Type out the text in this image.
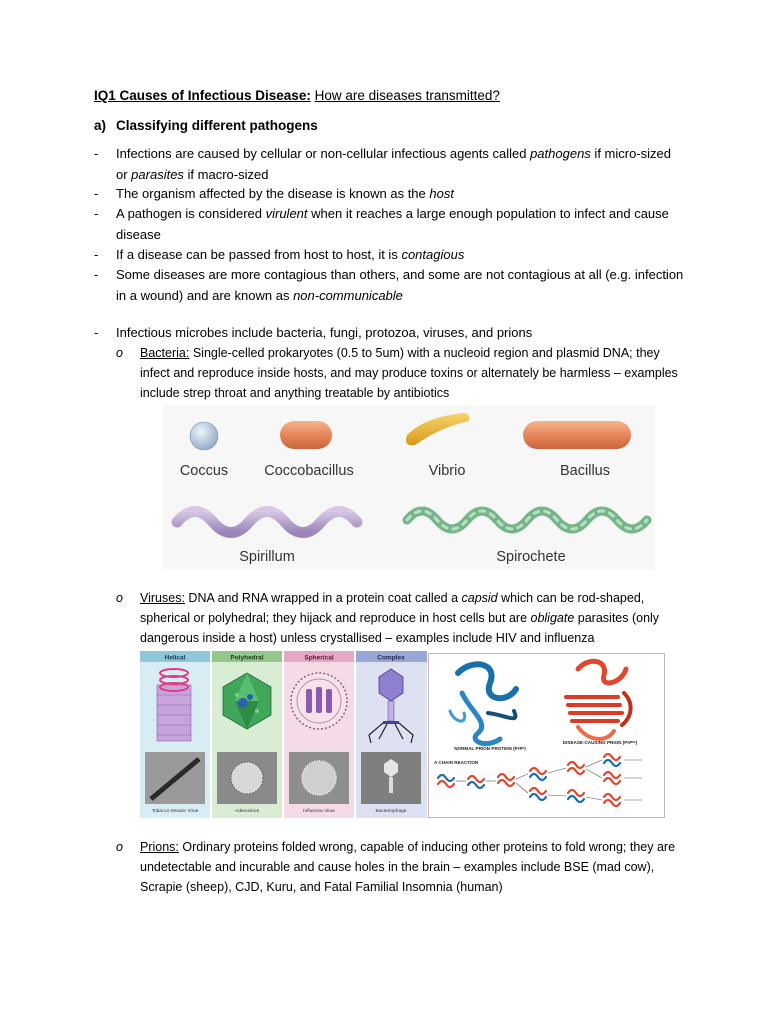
IQ1 Causes of Infectious Disease: How are diseases transmitted?
a) Classifying different pathogens
- Infections are caused by cellular or non-cellular infectious agents called pathogens if micro-sized or parasites if macro-sized
- The organism affected by the disease is known as the host
- A pathogen is considered virulent when it reaches a large enough population to infect and cause disease
- If a disease can be passed from host to host, it is contagious
- Some diseases are more contagious than others, and some are not contagious at all (e.g. infection in a wound) and are known as non-communicable
- Infectious microbes include bacteria, fungi, protozoa, viruses, and prions
o Bacteria: Single-celled prokaryotes (0.5 to 5um) with a nucleoid region and plasmid DNA; they infect and reproduce inside hosts, and may produce toxins or alternately be harmless – examples include strep throat and anything treatable by antibiotics
Coccus Coccobacillus	Vibrio	Bacillus
Spirillum	Spirochete
o Viruses: DNA and RNA wrapped in a protein coat called a capsid which can be rod-shaped, spherical or polyhedral; they hijack and reproduce in host cells but are obligate parasites (only dangerous inside a host) unless crystallised – examples include HIV and influenza
Helical	Polyhedral	Spherical	Complex
Tobacco Mosaic Virus	Adenovirus	Influenza Virus	Bacteriophage
NORMAL PRION PROTEIN (PrPᶜ)
DISEASE-CAUSING PRION (PrPˢᶜ)
A CHAIN REACTION
o Prions: Ordinary proteins folded wrong, capable of inducing other proteins to fold wrong; they are undetectable and incurable and cause holes in the brain – examples include BSE (mad cow), Scrapie (sheep), CJD, Kuru, and Fatal Familial Insomnia (human)
